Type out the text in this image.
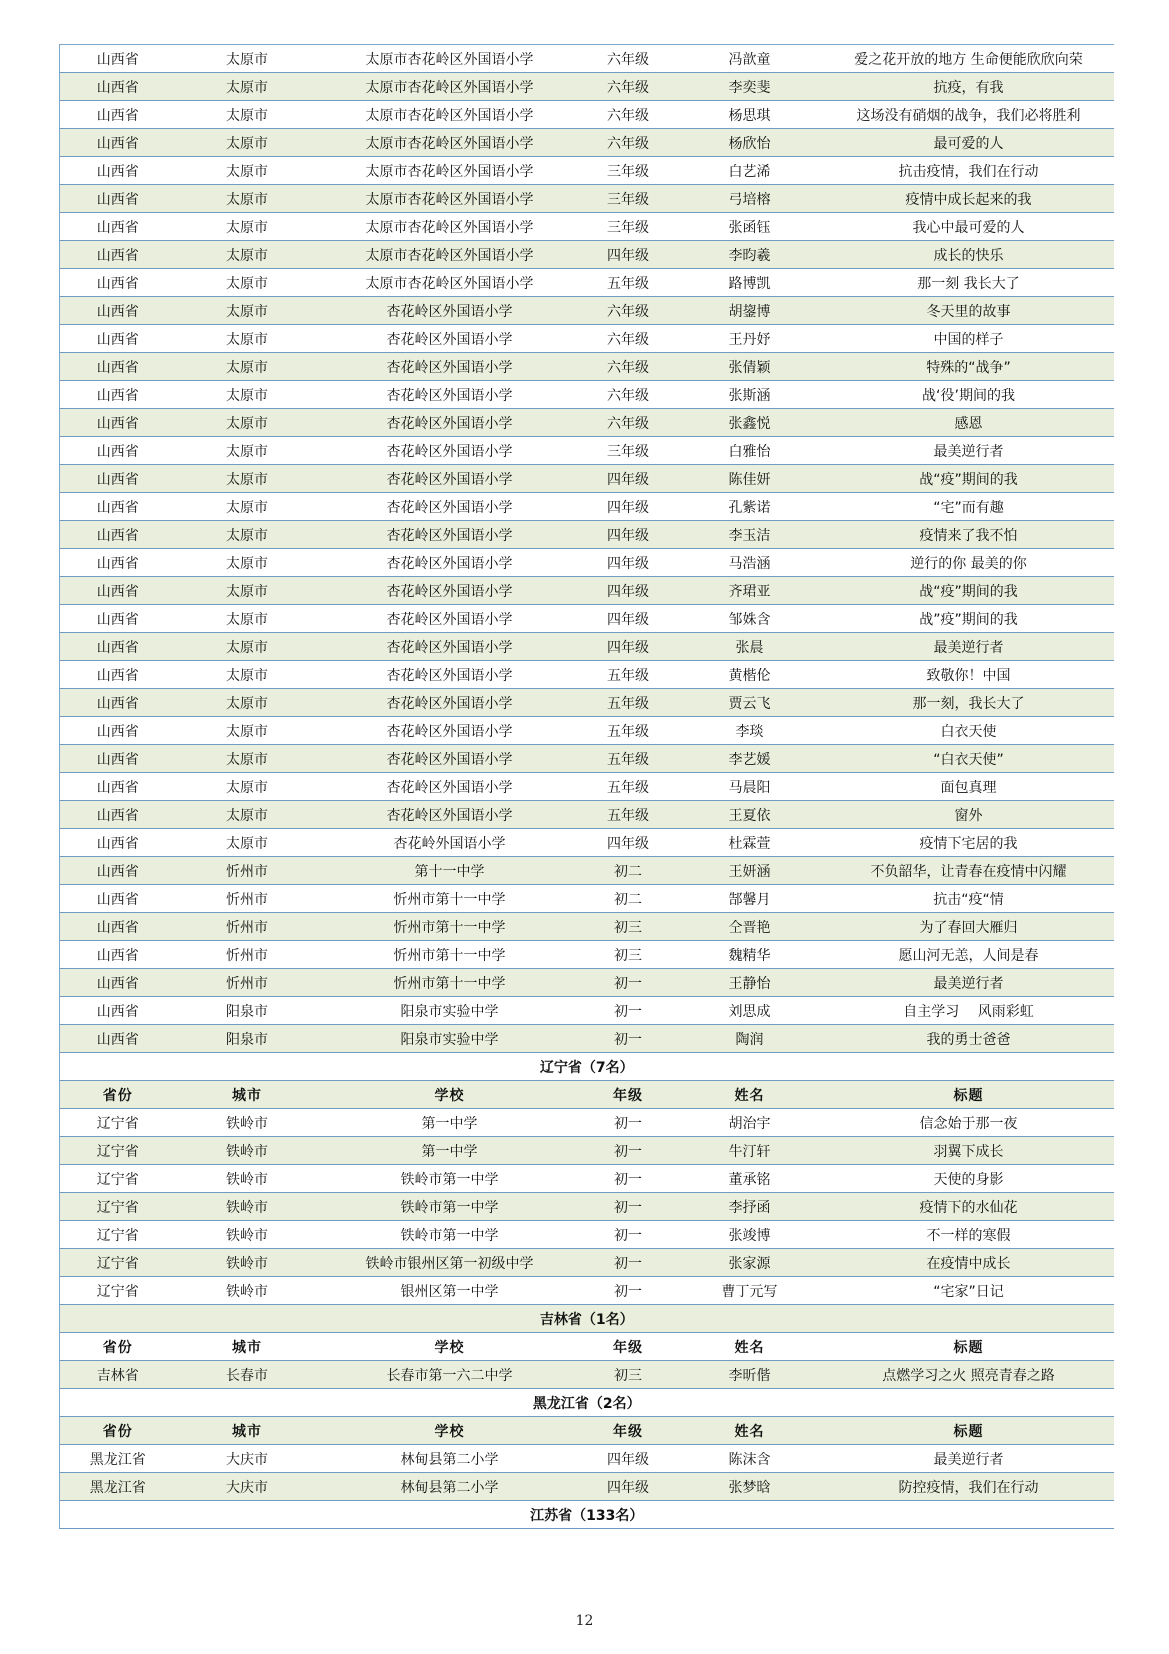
山西省	太原市	太原市杏花岭区外国语小学	六年级	冯歆童	爱之花开放的地方 生命便能欣欣向荣
山西省	太原市	太原市杏花岭区外国语小学	六年级	李奕斐	抗疫，有我
山西省	太原市	太原市杏花岭区外国语小学	六年级	杨思琪	这场没有硝烟的战争，我们必将胜利
山西省	太原市	太原市杏花岭区外国语小学	六年级	杨欣怡	最可爱的人
山西省	太原市	太原市杏花岭区外国语小学	三年级	白艺浠	抗击疫情，我们在行动
山西省	太原市	太原市杏花岭区外国语小学	三年级	弓培榕	疫情中成长起来的我
山西省	太原市	太原市杏花岭区外国语小学	三年级	张函钰	我心中最可爱的人
山西省	太原市	太原市杏花岭区外国语小学	四年级	李昀羲	成长的快乐
山西省	太原市	太原市杏花岭区外国语小学	五年级	路博凯	那一刻 我长大了
山西省	太原市	杏花岭区外国语小学	六年级	胡鋆博	冬天里的故事
山西省	太原市	杏花岭区外国语小学	六年级	王丹妤	中国的样子
山西省	太原市	杏花岭区外国语小学	六年级	张倩颖	特殊的“战争”
山西省	太原市	杏花岭区外国语小学	六年级	张斯涵	战‘役’期间的我
山西省	太原市	杏花岭区外国语小学	六年级	张鑫悦	感恩
山西省	太原市	杏花岭区外国语小学	三年级	白雅怡	最美逆行者
山西省	太原市	杏花岭区外国语小学	四年级	陈佳妍	战“疫”期间的我
山西省	太原市	杏花岭区外国语小学	四年级	孔紫诺	“宅”而有趣
山西省	太原市	杏花岭区外国语小学	四年级	李玉洁	疫情来了我不怕
山西省	太原市	杏花岭区外国语小学	四年级	马浩涵	逆行的你 最美的你
山西省	太原市	杏花岭区外国语小学	四年级	齐珺亚	战“疫”期间的我
山西省	太原市	杏花岭区外国语小学	四年级	邹姝含	战”疫”期间的我
山西省	太原市	杏花岭区外国语小学	四年级	张晨	最美逆行者
山西省	太原市	杏花岭区外国语小学	五年级	黄楷伦	致敬你！中国
山西省	太原市	杏花岭区外国语小学	五年级	贾云飞	那一刻，我长大了
山西省	太原市	杏花岭区外国语小学	五年级	李琰	白衣天使
山西省	太原市	杏花岭区外国语小学	五年级	李艺媛	“白衣天使”
山西省	太原市	杏花岭区外国语小学	五年级	马晨阳	面包真理
山西省	太原市	杏花岭区外国语小学	五年级	王夏依	窗外
山西省	太原市	杏花岭外国语小学	四年级	杜霖萱	疫情下宅居的我
山西省	忻州市	第十一中学	初二	王妍涵	不负韶华，让青春在疫情中闪耀
山西省	忻州市	忻州市第十一中学	初二	郜馨月	抗击“疫“情
山西省	忻州市	忻州市第十一中学	初三	仝晋艳	为了春回大雁归
山西省	忻州市	忻州市第十一中学	初三	魏精华	愿山河无恙，人间是春
山西省	忻州市	忻州市第十一中学	初一	王静怡	最美逆行者
山西省	阳泉市	阳泉市实验中学	初一	刘思成	自主学习 　风雨彩虹
山西省	阳泉市	阳泉市实验中学	初一	陶润	我的勇士爸爸
辽宁省（7名）					
省份	城市	学校	年级	姓名	标题
辽宁省	铁岭市	第一中学	初一	胡治宇	信念始于那一夜
辽宁省	铁岭市	第一中学	初一	牛汀轩	羽翼下成长
辽宁省	铁岭市	铁岭市第一中学	初一	董承铭	天使的身影
辽宁省	铁岭市	铁岭市第一中学	初一	李抒函	疫情下的水仙花
辽宁省	铁岭市	铁岭市第一中学	初一	张竣博	不一样的寒假
辽宁省	铁岭市	铁岭市银州区第一初级中学	初一	张家源	在疫情中成长
辽宁省	铁岭市	银州区第一中学	初一	曹丁元写	“宅家”日记
吉林省（1名）					
省份	城市	学校	年级	姓名	标题
吉林省	长春市	长春市第一六二中学	初三	李昕偕	点燃学习之火 照亮青春之路
黑龙江省（2名）					
省份	城市	学校	年级	姓名	标题
黑龙江省	大庆市	林甸县第二小学	四年级	陈沫含	最美逆行者
黑龙江省	大庆市	林甸县第二小学	四年级	张梦晗	防控疫情，我们在行动
江苏省（133名）					
12
